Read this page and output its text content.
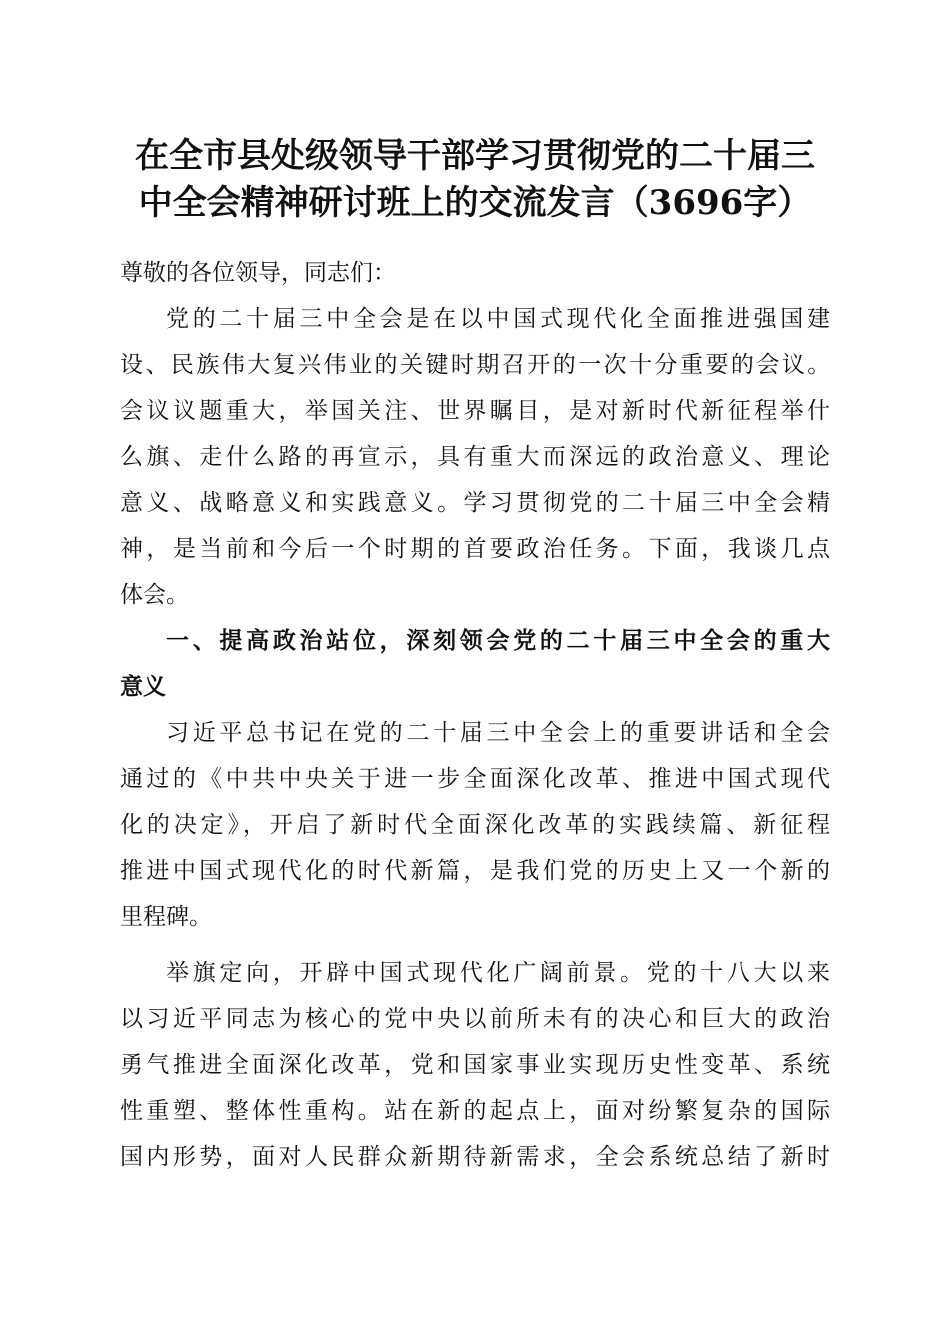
在全市县处级领导干部学习贯彻党的二十届三
中全会精神研讨班上的交流发言（3696字）
尊敬的各位领导，同志们：
党的二十届三中全会是在以中国式现代化全面推进强国建
设、民族伟大复兴伟业的关键时期召开的一次十分重要的会议。
会议议题重大，举国关注、世界瞩目，是对新时代新征程举什
么旗、走什么路的再宣示，具有重大而深远的政治意义、理论
意义、战略意义和实践意义。学习贯彻党的二十届三中全会精
神，是当前和今后一个时期的首要政治任务。下面，我谈几点
体会。
一、提高政治站位，深刻领会党的二十届三中全会的重大
意义
习近平总书记在党的二十届三中全会上的重要讲话和全会
通过的《中共中央关于进一步全面深化改革、推进中国式现代
化的决定》，开启了新时代全面深化改革的实践续篇、新征程
推进中国式现代化的时代新篇，是我们党的历史上又一个新的
里程碑。
举旗定向，开辟中国式现代化广阔前景。党的十八大以来
以习近平同志为核心的党中央以前所未有的决心和巨大的政治
勇气推进全面深化改革，党和国家事业实现历史性变革、系统
性重塑、整体性重构。站在新的起点上，面对纷繁复杂的国际
国内形势，面对人民群众新期待新需求，全会系统总结了新时
